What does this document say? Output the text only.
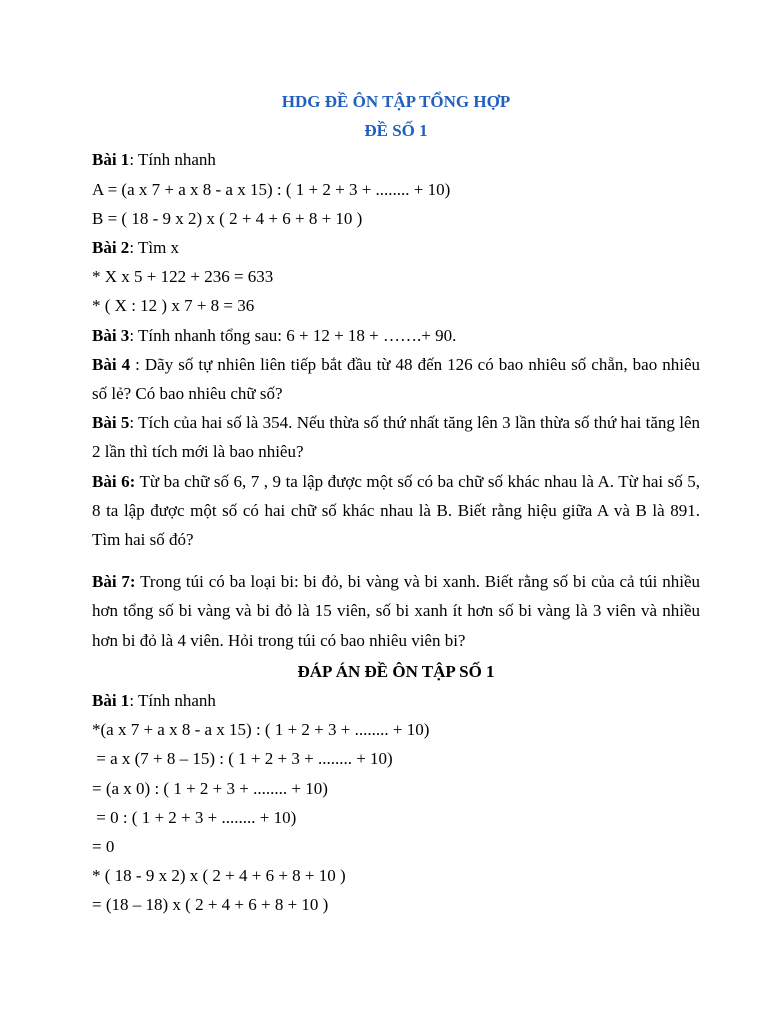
HDG ĐỀ ÔN TẬP TỔNG HỢP
ĐỀ SỐ 1
Bài 1: Tính nhanh
A = (a x 7 + a x 8 - a x 15) : ( 1 + 2 + 3 + ........ + 10)
B = ( 18 - 9 x 2) x ( 2 + 4 + 6 + 8 + 10 )
Bài 2: Tìm x
* X x 5 + 122 + 236 = 633
* ( X : 12 ) x 7 + 8 = 36
Bài 3: Tính nhanh tổng sau: 6 + 12 + 18 + …….+ 90.
Bài 4 : Dãy số tự nhiên liên tiếp bắt đầu từ 48 đến 126 có bao nhiêu số chẵn, bao nhiêu số lẻ? Có bao nhiêu chữ số?
Bài 5: Tích của hai số là 354. Nếu thừa số thứ nhất tăng lên 3 lần thừa số thứ hai tăng lên 2 lần thì tích mới là bao nhiêu?
Bài 6: Từ ba chữ số 6, 7 , 9 ta lập được một số có ba chữ số khác nhau là A. Từ hai số 5, 8 ta lập được một số có hai chữ số khác nhau là B. Biết rằng hiệu giữa A và B là 891. Tìm hai số đó?
Bài 7: Trong túi có ba loại bi: bi đỏ, bi vàng và bi xanh. Biết rằng số bi của cả túi nhiều hơn tổng số bi vàng và bi đỏ là 15 viên, số bi xanh ít hơn số bi vàng là 3 viên và nhiều hơn bi đỏ là 4 viên. Hỏi trong túi có bao nhiêu viên bi?
ĐÁP ÁN ĐỀ ÔN TẬP SỐ 1
Bài 1: Tính nhanh
*(a x 7 + a x 8 - a x 15) : ( 1 + 2 + 3 + ........ + 10)
= a x (7 + 8 – 15) : ( 1 + 2 + 3 + ........ + 10)
= (a x 0) : ( 1 + 2 + 3 + ........ + 10)
= 0 : ( 1 + 2 + 3 + ........ + 10)
= 0
* ( 18 - 9 x 2) x ( 2 + 4 + 6 + 8 + 10 )
= (18 – 18) x ( 2 + 4 + 6 + 8 + 10 )
